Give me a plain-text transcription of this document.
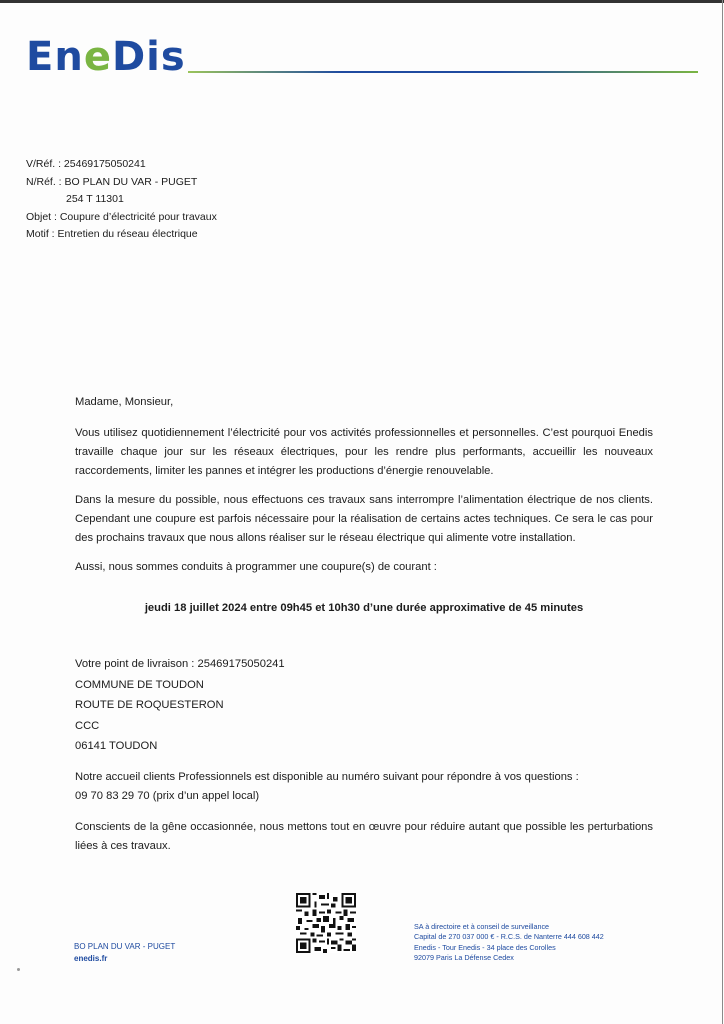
EneDis
V/Réf. : 25469175050241
N/Réf. : BO PLAN DU VAR - PUGET
254 T 11301
Objet : Coupure d’électricité pour travaux
Motif : Entretien du réseau électrique

Madame, Monsieur,

Vous utilisez quotidiennement l’électricité pour vos activités professionnelles et personnelles. C’est pourquoi Enedis travaille chaque jour sur les réseaux électriques, pour les rendre plus performants, accueillir les nouveaux raccordements, limiter les pannes et intégrer les productions d’énergie renouvelable.

Dans la mesure du possible, nous effectuons ces travaux sans interrompre l’alimentation électrique de nos clients. Cependant une coupure est parfois nécessaire pour la réalisation de certains actes techniques. Ce sera le cas pour des prochains travaux que nous allons réaliser sur le réseau électrique qui alimente votre installation.

Aussi, nous sommes conduits à programmer une coupure(s) de courant :

jeudi 18 juillet 2024 entre 09h45 et 10h30 d’une durée approximative de 45 minutes

Votre point de livraison : 25469175050241

COMMUNE DE TOUDON

ROUTE DE ROQUESTERON

CCC

06141 TOUDON

Notre accueil clients Professionnels est disponible au numéro suivant pour répondre à vos questions :

09 70 83 29 70 (prix d’un appel local)

Conscients de la gêne occasionnée, nous mettons tout en œuvre pour réduire autant que possible les perturbations liées à ces travaux.

BO PLAN DU VAR - PUGET
enedis.fr
SA à directoire et à conseil de surveillance
Capital de 270 037 000 € - R.C.S. de Nanterre 444 608 442
Enedis - Tour Enedis - 34 place des Corolles
92079 Paris La Défense Cedex
